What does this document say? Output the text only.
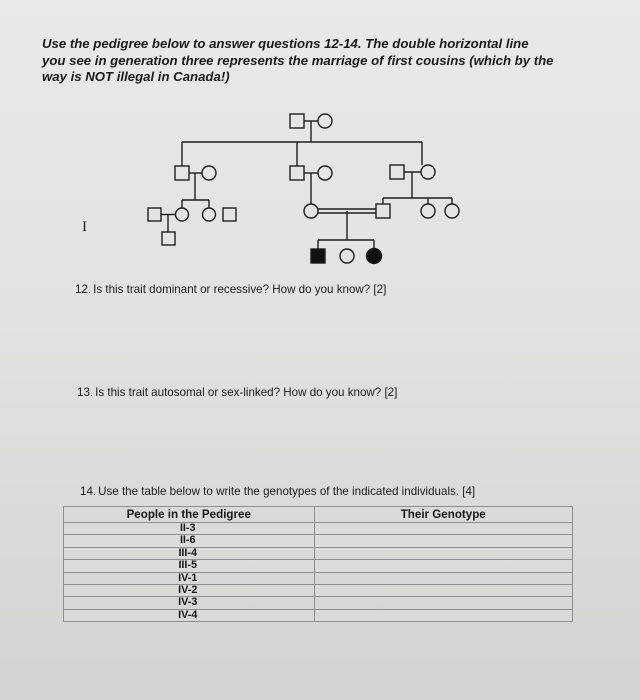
Use the pedigree below to answer questions 12-14. The double horizontal line
you see in generation three represents the marriage of first cousins (which by the
way is NOT illegal in Canada!)
I
12. Is this trait dominant or recessive? How do you know? [2]
13. Is this trait autosomal or sex-linked? How do you know? [2]
14. Use the table below to write the genotypes of the indicated individuals. [4]
People in the Pedigree	Their Genotype
II-3	
II-6	
III-4	
III-5	
IV-1	
IV-2	
IV-3	
IV-4	
